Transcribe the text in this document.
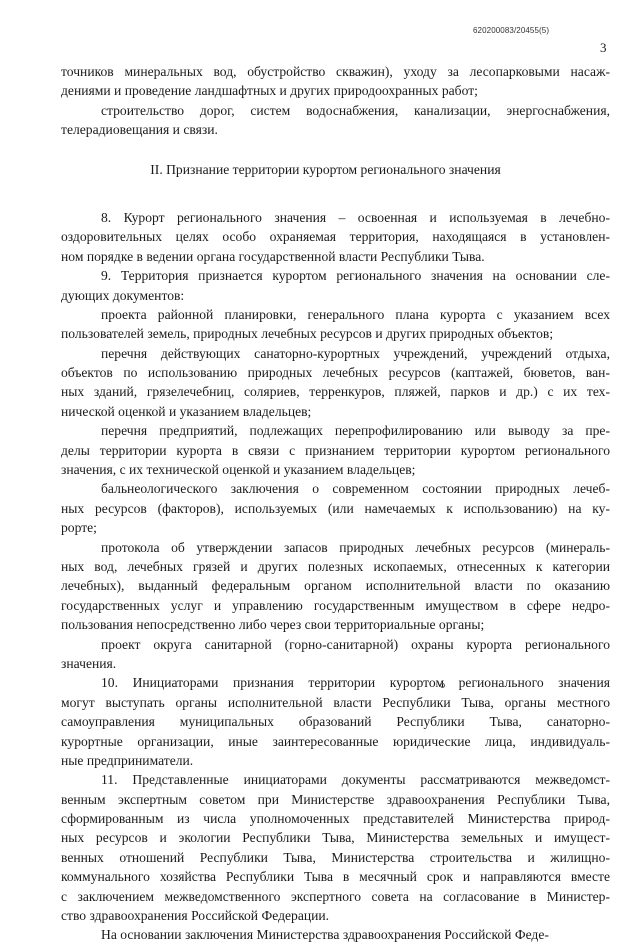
620200083/20455(5)
3
точников минеральных вод, обустройство скважин), уходу за лесопарковыми насаж-
дениями и проведение ландшафтных и других природоохранных работ;
строительство дорог, систем водоснабжения, канализации, энергоснабжения,
телерадиовещания и связи.
II. Признание территории курортом регионального значения
8. Курорт регионального значения – освоенная и используемая в лечебно-
оздоровительных целях особо охраняемая территория, находящаяся в установлен-
ном порядке в ведении органа государственной власти Республики Тыва.
9. Территория признается курортом регионального значения на основании сле-
дующих документов:
проекта районной планировки, генерального плана курорта с указанием всех
пользователей земель, природных лечебных ресурсов и других природных объектов;
перечня действующих санаторно-курортных учреждений, учреждений отдыха,
объектов по использованию природных лечебных ресурсов (каптажей, бюветов, ван-
ных зданий, грязелечебниц, соляриев, терренкуров, пляжей, парков и др.) с их тех-
нической оценкой и указанием владельцев;
перечня предприятий, подлежащих перепрофилированию или выводу за пре-
делы территории курорта в связи с признанием территории курортом регионального
значения, с их технической оценкой и указанием владельцев;
бальнеологического заключения о современном состоянии природных лечеб-
ных ресурсов (факторов), используемых (или намечаемых к использованию) на ку-
рорте;
протокола об утверждении запасов природных лечебных ресурсов (минераль-
ных вод, лечебных грязей и других полезных ископаемых, отнесенных к категории
лечебных), выданный федеральным органом исполнительной власти по оказанию
государственных услуг и управлению государственным имуществом в сфере недро-
пользования непосредственно либо через свои территориальные органы;
проект округа санитарной (горно-санитарной) охраны курорта регионального
значения.
10. Инициаторами признания территории курортом регионального значения
могут выступать органы исполнительной власти Республики Тыва, органы местного
самоуправления муниципальных образований Республики Тыва, санаторно-
курортные организации, иные заинтересованные юридические лица, индивидуаль-
ные предприниматели.
11. Представленные инициаторами документы рассматриваются межведомст-
венным экспертным советом при Министерстве здравоохранения Республики Тыва,
сформированным из числа уполномоченных представителей Министерства природ-
ных ресурсов и экологии Республики Тыва, Министерства земельных и имущест-
венных отношений Республики Тыва, Министерства строительства и жилищно-
коммунального хозяйства Республики Тыва в месячный срок и направляются вместе
с заключением межведомственного экспертного совета на согласование в Министер-
ство здравоохранения Российской Федерации.
На основании заключения Министерства здравоохранения Российской Феде-
